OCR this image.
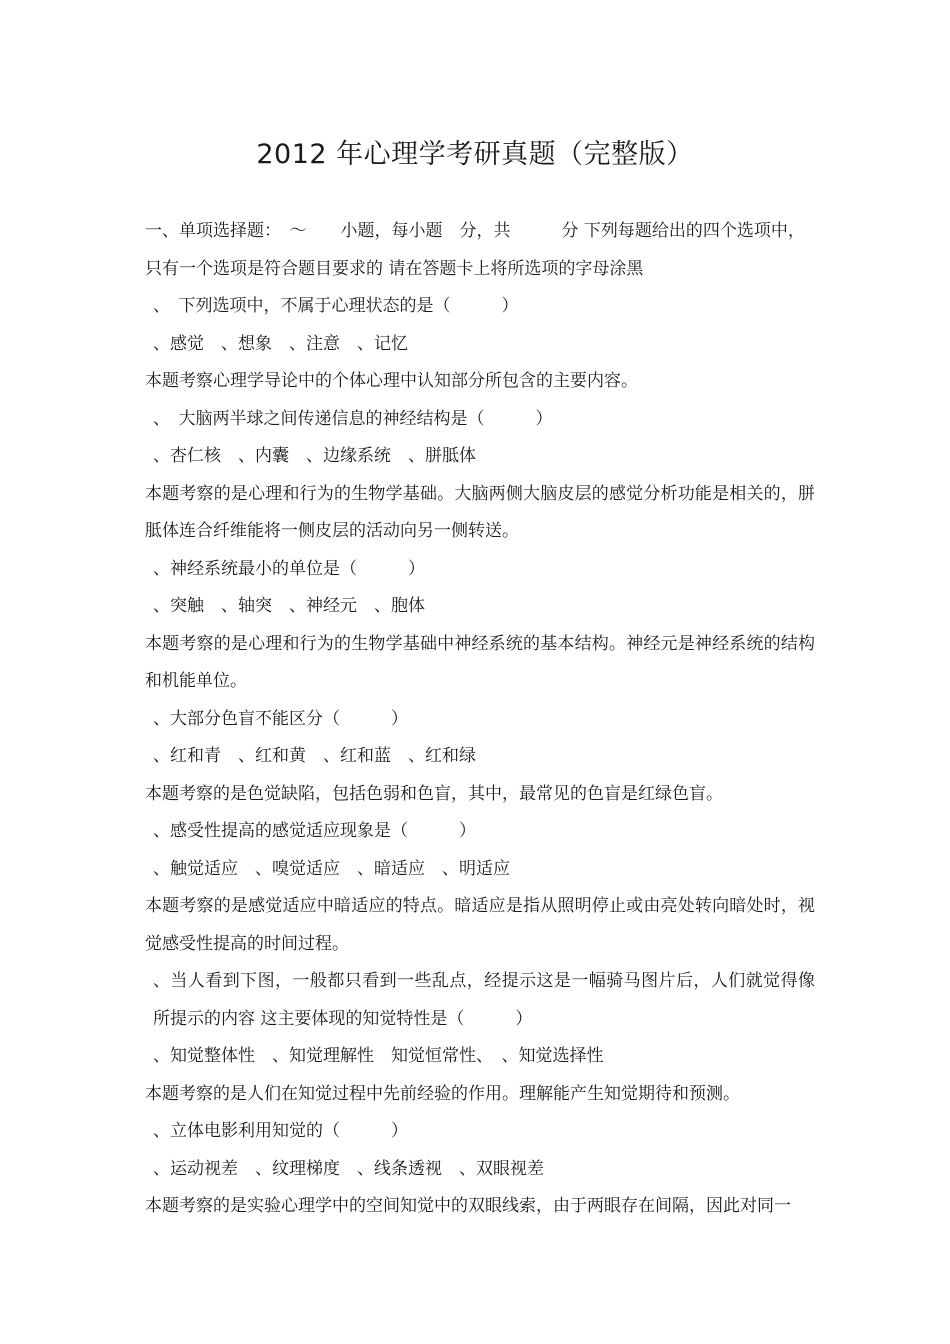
2012 年心理学考研真题（完整版）
一、单项选择题：　～　　小题，每小题　分，共　　　分 下列每题给出的四个选项中，
只有一个选项是符合题目要求的 请在答题卡上将所选项的字母涂黑
、　下列选项中，不属于心理状态的是（　　　）
、感觉　、想象　、注意　、记忆
本题考察心理学导论中的个体心理中认知部分所包含的主要内容。
、　大脑两半球之间传递信息的神经结构是（　　　）
、杏仁核　、内囊　、边缘系统　、胼胝体
本题考察的是心理和行为的生物学基础。大脑两侧大脑皮层的感觉分析功能是相关的，胼胝体连合纤维能将一侧皮层的活动向另一侧转送。
、神经系统最小的单位是（　　　）
、突触　、轴突　、神经元　、胞体
本题考察的是心理和行为的生物学基础中神经系统的基本结构。神经元是神经系统的结构和机能单位。
、大部分色盲不能区分（　　　）
、红和青　、红和黄　、红和蓝　、红和绿
本题考察的是色觉缺陷，包括色弱和色盲，其中，最常见的色盲是红绿色盲。
、感受性提高的感觉适应现象是（　　　）
、触觉适应　、嗅觉适应　、暗适应　、明适应
本题考察的是感觉适应中暗适应的特点。暗适应是指从照明停止或由亮处转向暗处时，视觉感受性提高的时间过程。
、当人看到下图，一般都只看到一些乱点，经提示这是一幅骑马图片后，人们就觉得像所提示的内容 这主要体现的知觉特性是（　　　）
、知觉整体性　、知觉理解性　知觉恒常性、　、知觉选择性
本题考察的是人们在知觉过程中先前经验的作用。理解能产生知觉期待和预测。
、立体电影利用知觉的（　　　）
、运动视差　、纹理梯度　、线条透视　、双眼视差
本题考察的是实验心理学中的空间知觉中的双眼线索，由于两眼存在间隔，因此对同一
